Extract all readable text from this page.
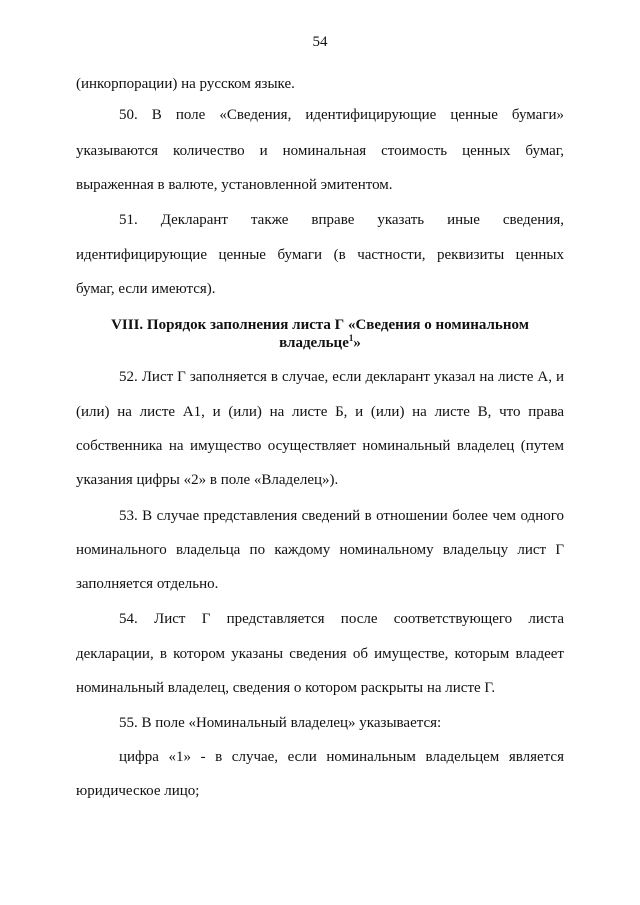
54
(инкорпорации) на русском языке.
50. В поле «Сведения, идентифицирующие ценные бумаги»
указываются количество и номинальная стоимость ценных бумаг,
выраженная в валюте, установленной эмитентом.
51. Декларант также вправе указать иные сведения,
идентифицирующие ценные бумаги (в частности, реквизиты ценных
бумаг, если имеются).
VIII. Порядок заполнения листа Г «Сведения о номинальном
владельце$^1$»
52. Лист Г заполняется в случае, если декларант указал на листе А, и
(или) на листе А1, и (или) на листе Б, и (или) на листе В, что права
собственника на имущество осуществляет номинальный владелец (путем
указания цифры «2» в поле «Владелец»).
53. В случае представления сведений в отношении более чем одного
номинального владельца по каждому номинальному владельцу лист Г
заполняется отдельно.
54. Лист Г представляется после соответствующего листа
декларации, в котором указаны сведения об имуществе, которым владеет
номинальный владелец, сведения о котором раскрыты на листе Г.
55. В поле «Номинальный владелец» указывается:
цифра «1» - в случае, если номинальным владельцем является
юридическое лицо;
